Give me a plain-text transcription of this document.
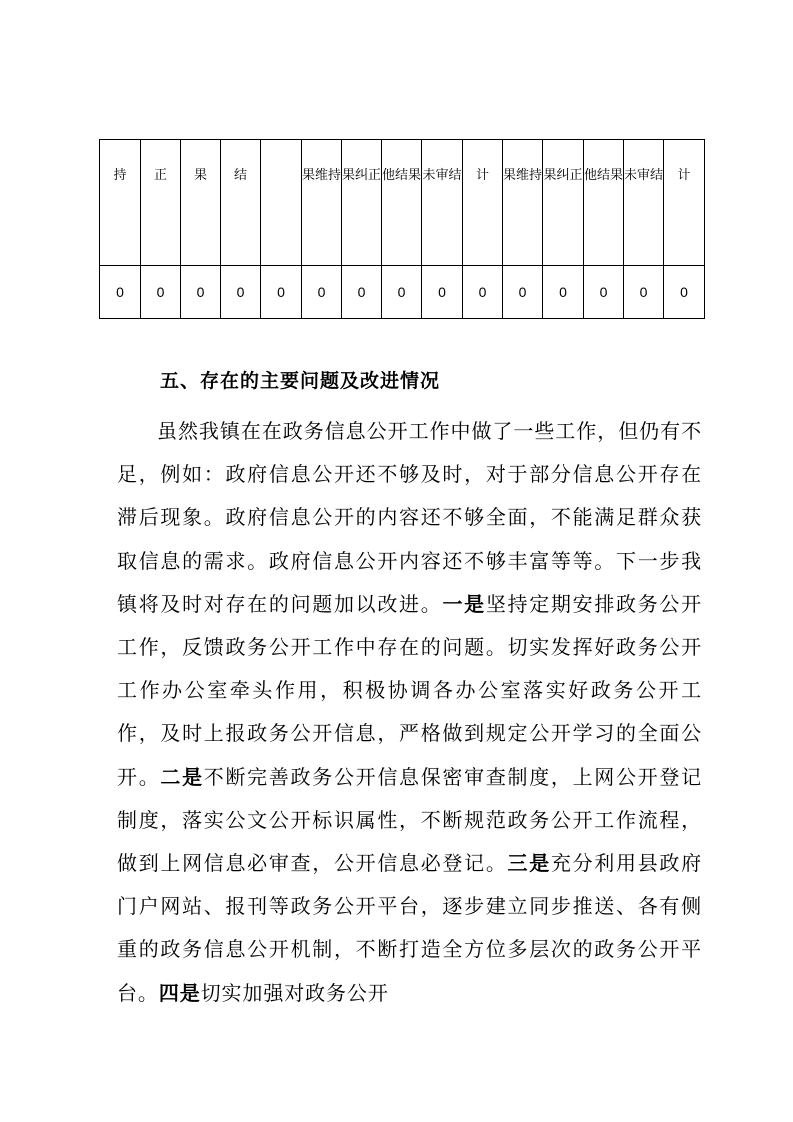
持	正	果	结		果维持	果纠正	他结果	未审结	计	果维持	果纠正	他结果	未审结	计

0	0	0	0	0	0	0	0	0	0	0	0	0	0	0
五、存在的主要问题及改进情况

虽然我镇在在政务信息公开工作中做了一些工作，但仍有不足，例如：政府信息公开还不够及时，对于部分信息公开存在滞后现象。政府信息公开的内容还不够全面，不能满足群众获取信息的需求。政府信息公开内容还不够丰富等等。下一步我镇将及时对存在的问题加以改进。一是坚持定期安排政务公开工作，反馈政务公开工作中存在的问题。切实发挥好政务公开工作办公室牵头作用，积极协调各办公室落实好政务公开工作，及时上报政务公开信息，严格做到规定公开学习的全面公开。二是不断完善政务公开信息保密审查制度，上网公开登记制度，落实公文公开标识属性，不断规范政务公开工作流程，做到上网信息必审查，公开信息必登记。三是充分利用县政府门户网站、报刊等政务公开平台，逐步建立同步推送、各有侧重的政务信息公开机制，不断打造全方位多层次的政务公开平台。四是切实加强对政务公开
